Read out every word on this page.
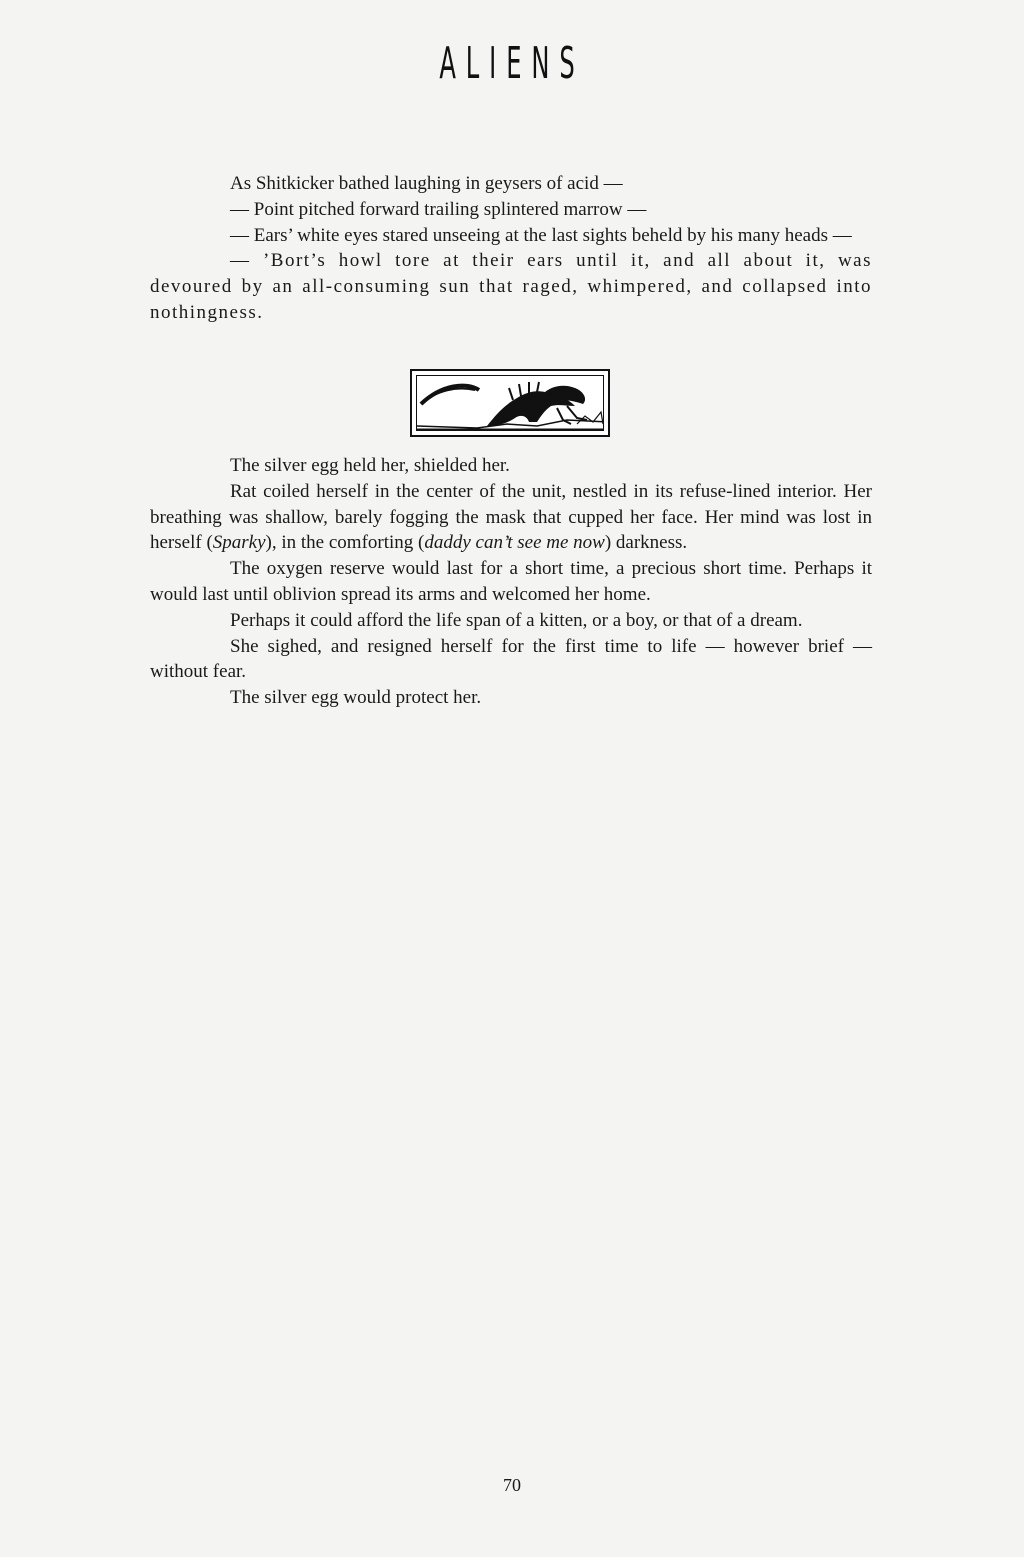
ALIENS

As Shitkicker bathed laughing in geysers of acid —

— Point pitched forward trailing splintered marrow —

— Ears’ white eyes stared unseeing at the last sights beheld by his many heads —

— ’Bort’s howl tore at their ears until it, and all about it, was devoured by an all-consuming sun that raged, whimpered, and collapsed into nothingness.

The silver egg held her, shielded her.

Rat coiled herself in the center of the unit, nestled in its refuse-lined interior. Her breathing was shallow, barely fogging the mask that cupped her face. Her mind was lost in herself (Sparky), in the comforting (daddy can’t see me now) darkness.

The oxygen reserve would last for a short time, a precious short time. Perhaps it would last until oblivion spread its arms and welcomed her home.

Perhaps it could afford the life span of a kitten, or a boy, or that of a dream.

She sighed, and resigned herself for the first time to life — however brief — without fear.

The silver egg would protect her.

70
